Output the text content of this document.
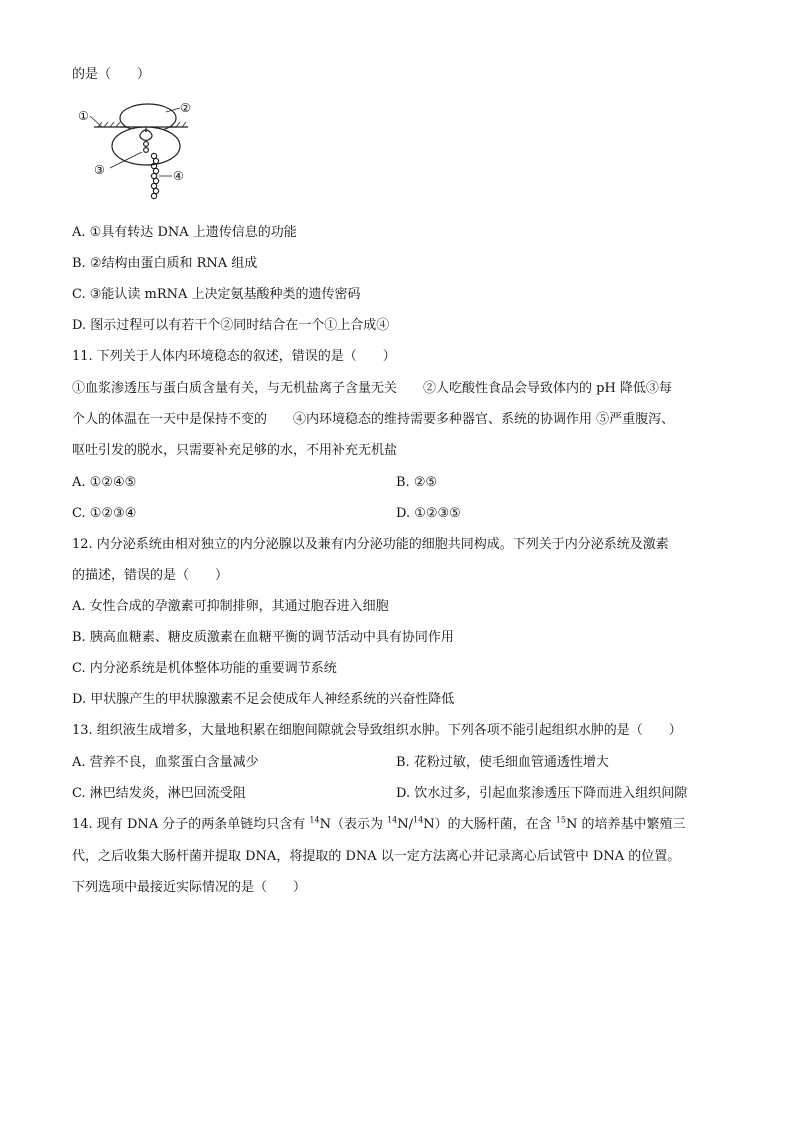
的是（　　）
①
②
③	④
A. ①具有转达 DNA 上遗传信息的功能
B. ②结构由蛋白质和 RNA 组成
C. ③能认读 mRNA 上决定氨基酸种类的遗传密码
D. 图示过程可以有若干个②同时结合在一个①上合成④
11. 下列关于人体内环境稳态的叙述，错误的是（　　）
①血浆渗透压与蛋白质含量有关，与无机盐离子含量无关　　②人吃酸性食品会导致体内的 pH 降低③每
个人的体温在一天中是保持不变的　　④内环境稳态的维持需要多种器官、系统的协调作用 ⑤严重腹泻、
呕吐引发的脱水，只需要补充足够的水，不用补充无机盐
A. ①②④⑤	B. ②⑤
C. ①②③④	D. ①②③⑤
12. 内分泌系统由相对独立的内分泌腺以及兼有内分泌功能的细胞共同构成。下列关于内分泌系统及激素
的描述，错误的是（　　）
A. 女性合成的孕激素可抑制排卵，其通过胞吞进入细胞
B. 胰高血糖素、糖皮质激素在血糖平衡的调节活动中具有协同作用
C. 内分泌系统是机体整体功能的重要调节系统
D. 甲状腺产生的甲状腺激素不足会使成年人神经系统的兴奋性降低
13. 组织液生成增多，大量地积累在细胞间隙就会导致组织水肿。下列各项不能引起组织水肿的是（　　）
A. 营养不良，血浆蛋白含量减少	B. 花粉过敏，使毛细血管通透性增大
C. 淋巴结发炎，淋巴回流受阻	D. 饮水过多，引起血浆渗透压下降而进入组织间隙
14. 现有 DNA 分子的两条单链均只含有 $^{14}$N（表示为 $^{14}$N/$^{14}$N）的大肠杆菌，在含 $^{15}$N 的培养基中繁殖三
代，之后收集大肠杆菌并提取 DNA，将提取的 DNA 以一定方法离心并记录离心后试管中 DNA 的位置。
下列选项中最接近实际情况的是（　　）
